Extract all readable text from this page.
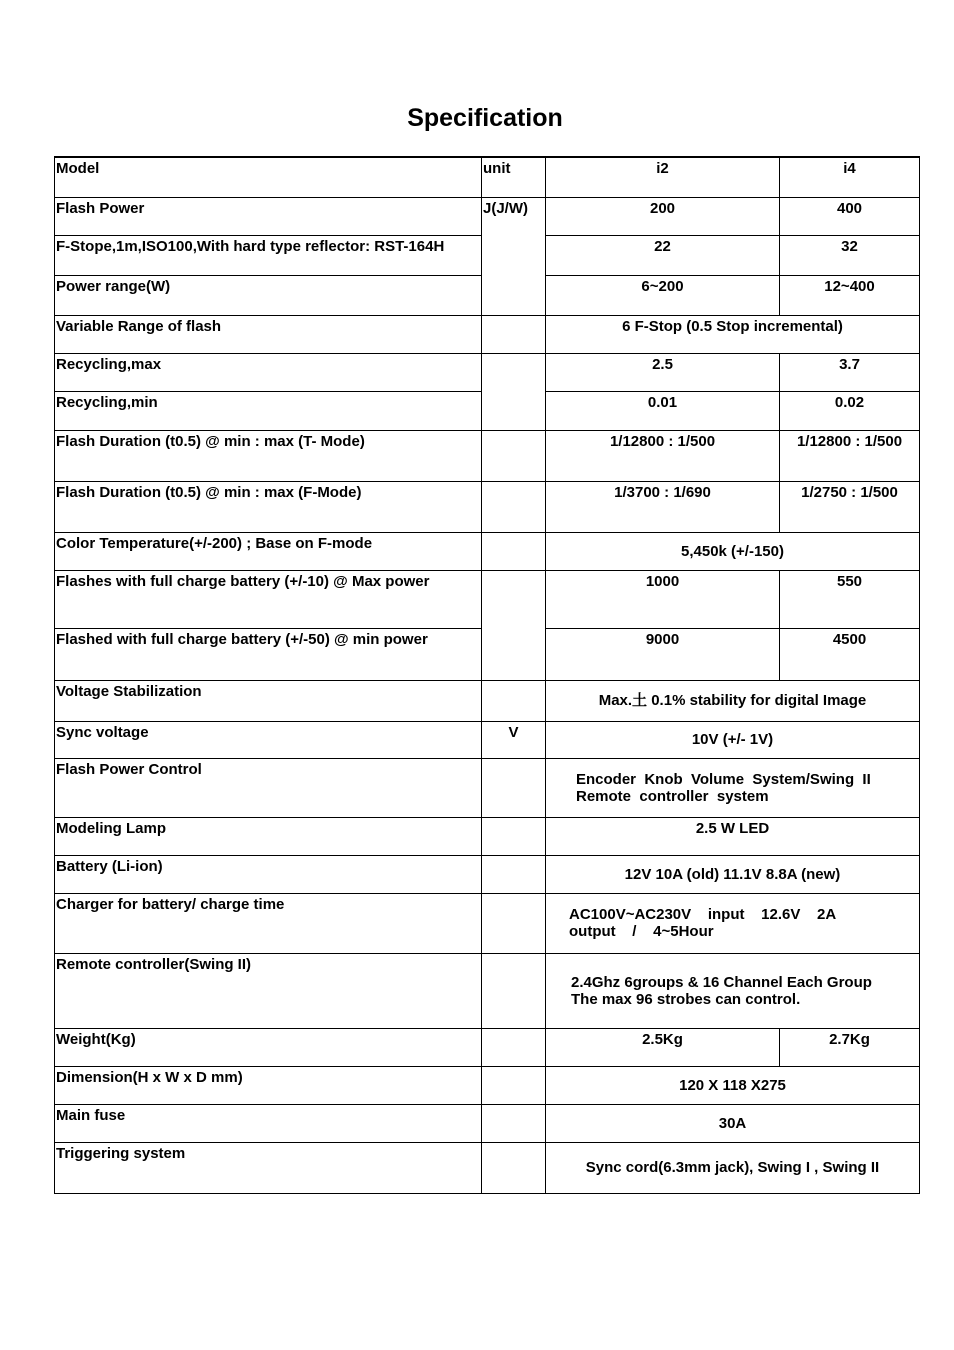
Specification
Model	unit	i2	i4
Flash Power	J(J/W)	200	400
F-Stope,1m,ISO100,With hard type reflector: RST-164H		22	32
Power range(W)		6~200	12~400
Variable Range of flash		6 F-Stop (0.5 Stop incremental)	
Recycling,max		2.5	3.7
Recycling,min		0.01	0.02
Flash Duration (t0.5) @ min : max (T- Mode)		1/12800 : 1/500	1/12800 : 1/500
Flash Duration (t0.5) @ min : max (F-Mode)		1/3700 : 1/690	1/2750 : 1/500
Color Temperature(+/-200) ; Base on F-mode		5,450k (+/-150)	
Flashes with full charge battery (+/-10) @ Max power		1000	550
Flashed with full charge battery (+/-50) @ min power		9000	4500
Voltage Stabilization		Max.土 0.1% stability for digital Image	
Sync voltage	V	10V (+/- 1V)	
Flash Power Control		Encoder  Knob  Volume  System/Swing  II
Remote  controller  system	

Modeling Lamp		2.5 W LED	
Battery (Li-ion)		12V 10A (old) 11.1V 8.8A (new)	
Charger for battery/ charge time		AC100V~AC230V    input    12.6V    2A
output    /    4~5Hour	

Remote controller(Swing II)		2.4Ghz 6groups & 16 Channel Each Group
The max 96 strobes can control.	

Weight(Kg)		2.5Kg	2.7Kg
Dimension(H x W x D mm)		120 X 118 X275	
Main fuse		30A	
Triggering system		Sync cord(6.3mm jack), Swing I , Swing II	
